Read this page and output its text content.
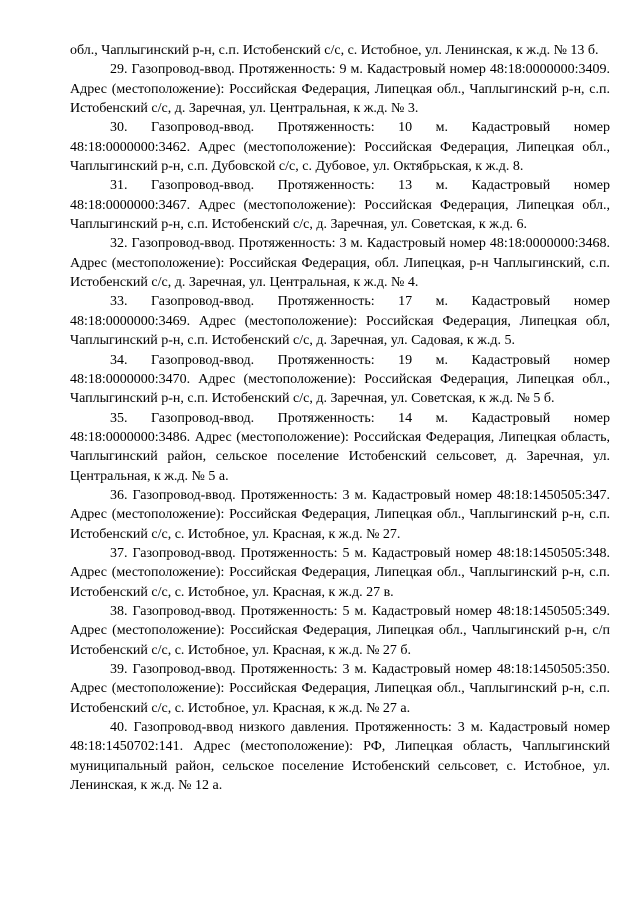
обл., Чаплыгинский р-н, с.п. Истобенский с/с, с. Истобное, ул. Ленинская, к ж.д. № 13 б.

29. Газопровод-ввод. Протяженность: 9 м. Кадастровый номер 48:18:0000000:3409. Адрес (местоположение): Российская Федерация, Липецкая обл., Чаплыгинский р-н, с.п. Истобенский с/с, д. Заречная, ул. Центральная, к ж.д. № 3.

30. Газопровод-ввод. Протяженность: 10 м. Кадастровый номер 48:18:0000000:3462. Адрес (местоположение): Российская Федерация, Липецкая обл., Чаплыгинский р-н, с.п. Дубовской с/с, с. Дубовое, ул. Октябрьская, к ж.д. 8.

31. Газопровод-ввод. Протяженность: 13 м. Кадастровый номер 48:18:0000000:3467. Адрес (местоположение): Российская Федерация, Липецкая обл., Чаплыгинский р-н, с.п. Истобенский с/с, д. Заречная, ул. Советская, к ж.д. 6.

32. Газопровод-ввод. Протяженность: 3 м. Кадастровый номер 48:18:0000000:3468. Адрес (местоположение): Российская Федерация, обл. Липецкая, р-н Чаплыгинский, с.п. Истобенский с/с, д. Заречная, ул. Центральная, к ж.д. № 4.

33. Газопровод-ввод. Протяженность: 17 м. Кадастровый номер 48:18:0000000:3469. Адрес (местоположение): Российская Федерация, Липецкая обл, Чаплыгинский р-н, с.п. Истобенский с/с, д. Заречная, ул. Садовая, к ж.д. 5.

34. Газопровод-ввод. Протяженность: 19 м. Кадастровый номер 48:18:0000000:3470. Адрес (местоположение): Российская Федерация, Липецкая обл., Чаплыгинский р-н, с.п. Истобенский с/с, д. Заречная, ул. Советская, к ж.д. № 5 б.

35. Газопровод-ввод. Протяженность: 14 м. Кадастровый номер 48:18:0000000:3486. Адрес (местоположение): Российская Федерация, Липецкая область, Чаплыгинский район, сельское поселение Истобенский сельсовет, д. Заречная, ул. Центральная, к ж.д. № 5 а.

36. Газопровод-ввод. Протяженность: 3 м. Кадастровый номер 48:18:1450505:347. Адрес (местоположение): Российская Федерация, Липецкая обл., Чаплыгинский р-н, с.п. Истобенский с/с, с. Истобное, ул. Красная, к ж.д. № 27.

37. Газопровод-ввод. Протяженность: 5 м. Кадастровый номер 48:18:1450505:348. Адрес (местоположение): Российская Федерация, Липецкая обл., Чаплыгинский р-н, с.п. Истобенский с/с, с. Истобное, ул. Красная, к ж.д. 27 в.

38. Газопровод-ввод. Протяженность: 5 м. Кадастровый номер 48:18:1450505:349. Адрес (местоположение): Российская Федерация, Липецкая обл., Чаплыгинский р-н, с/п Истобенский с/с, с. Истобное, ул. Красная, к ж.д. № 27 б.

39. Газопровод-ввод. Протяженность: 3 м. Кадастровый номер 48:18:1450505:350. Адрес (местоположение): Российская Федерация, Липецкая обл., Чаплыгинский р-н, с.п. Истобенский с/с, с. Истобное, ул. Красная, к ж.д. № 27 а.

40. Газопровод-ввод низкого давления. Протяженность: 3 м. Кадастровый номер 48:18:1450702:141. Адрес (местоположение): РФ, Липецкая область, Чаплыгинский муниципальный район, сельское поселение Истобенский сельсовет, с. Истобное, ул. Ленинская, к ж.д. № 12 а.
